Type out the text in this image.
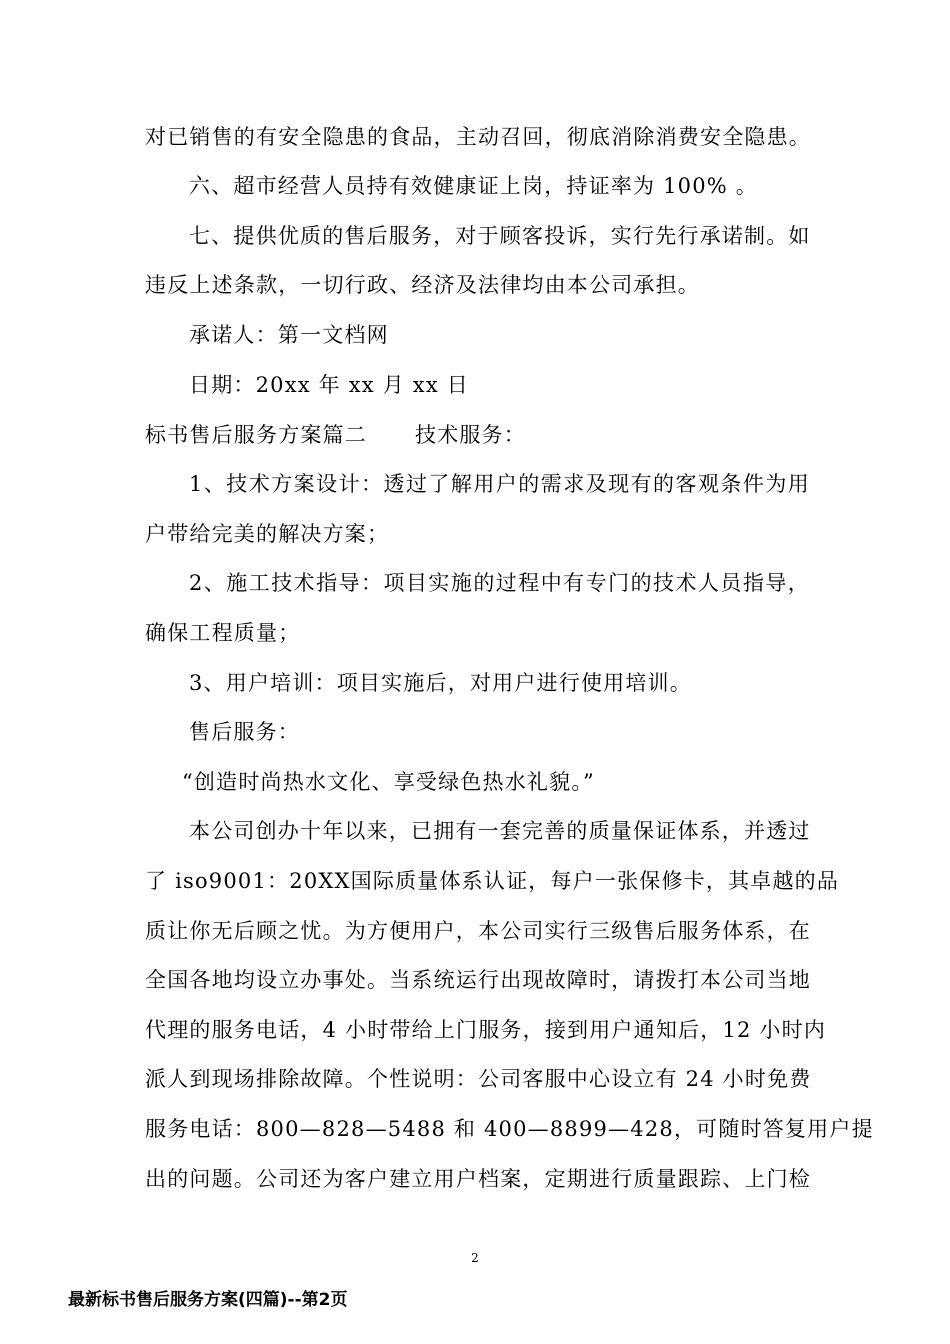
对已销售的有安全隐患的食品，主动召回，彻底消除消费安全隐患。
六、超市经营人员持有效健康证上岗，持证率为 100% 。
七、提供优质的售后服务，对于顾客投诉，实行先行承诺制。如
违反上述条款，一切行政、经济及法律均由本公司承担。
承诺人：第一文档网
日期：20xx 年 xx 月 xx 日
标书售后服务方案篇二 技术服务：
1、技术方案设计：透过了解用户的需求及现有的客观条件为用
户带给完美的解决方案；
2、施工技术指导：项目实施的过程中有专门的技术人员指导，
确保工程质量；
3、用户培训：项目实施后，对用户进行使用培训。
售后服务：
“创造时尚热水文化、享受绿色热水礼貌。”
本公司创办十年以来，已拥有一套完善的质量保证体系，并透过
了 iso9001：20XX国际质量体系认证，每户一张保修卡，其卓越的品
质让你无后顾之忧。为方便用户，本公司实行三级售后服务体系，在
全国各地均设立办事处。当系统运行出现故障时，请拨打本公司当地
代理的服务电话，4 小时带给上门服务，接到用户通知后，12 小时内
派人到现场排除故障。个性说明：公司客服中心设立有 24 小时免费
服务电话：800—828—5488 和 400—8899—428，可随时答复用户提
出的问题。公司还为客户建立用户档案，定期进行质量跟踪、上门检
2
最新标书售后服务方案(四篇)--第2页
